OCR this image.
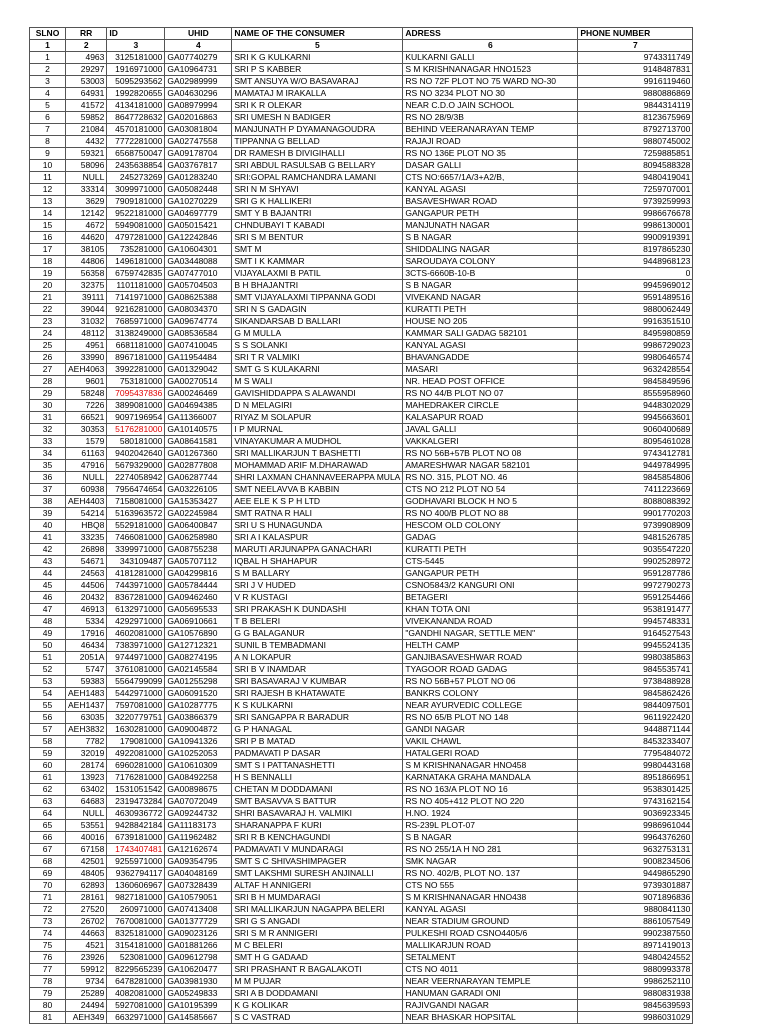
SLNO	RR	ID	UHID	NAME OF THE CONSUMER	ADRESS	PHONE NUMBER
1	2	3	4	5	6	7
1	4963	3125181000	GA07740279	SRI K G KULKARNI	KULKARNI GALLI	9743311749
2	29297	1916971000	GA10964731	SRI P S KABBER	S M KRISHNANAGAR HNO1523	9148487831
3	53003	5095293562	GA02989999	SMT ANSUYA W/O BASAVARAJ	RS NO 72F PLOT NO 75 WARD NO-30	9916119460
4	64931	1992820655	GA04630296	MAMATAJ M IRAKALLA	RS NO 3234 PLOT NO 30	9880886869
5	41572	4134181000	GA08979994	SRI K R OLEKAR	NEAR C.D.O JAIN SCHOOL	9844314119
6	59852	8647728632	GA02016863	SRI UMESH N BADIGER	RS NO 28/9/3B	8123675969
7	21084	4570181000	GA03081804	MANJUNATH P DYAMANAGOUDRA	BEHIND VEERANARAYAN TEMP	8792713700
8	4432	7772281000	GA02747558	TIPPANNA G BELLAD	RAJAJI ROAD	9880745002
9	59321	6568750047	GA09178704	DR RAMESH B DIVIGIHALLI	RS NO 136E PLOT NO 35	7259885851
10	58096	2435638854	GA03767817	SRI ABDUL RASULSAB G BELLARY	DASAR GALLI	8094588328
11	NULL	245273269	GA01283240	SRI:GOPAL RAMCHANDRA LAMANI	CTS NO:6657/1A/3+A2/B,	9480419041
12	33314	3099971000	GA05082448	SRI N M SHYAVI	KANYAL AGASI	7259707001
13	3629	7909181000	GA10270229	SRI G K HALLIKERI	BASAVESHWAR ROAD	9739259993
14	12142	9522181000	GA04697779	SMT Y B BAJANTRI	GANGAPUR PETH	9986676678
15	4672	5949081000	GA05015421	CHNDUBAYI T KABADI	MANJUNATH NAGAR	9986130001
16	44620	4797281000	GA12242846	SRI S M BENTUR	S B NAGAR	9900919391
17	38105	735281000	GA10604301	SMT M	SHIDDALING NAGAR	8197865230
18	44806	1496181000	GA03448088	SMT I K KAMMAR	SAROUDAYA COLONY	9448968123
19	56358	6759742835	GA07477010	VIJAYALAXMI B PATIL	3CTS-6660B-10-B	0
20	32375	1101181000	GA05704503	B H BHAJANTRI	S B NAGAR	9945969012
21	39111	7141971000	GA08625388	SMT VIJAYALAXMI TIPPANNA GODI	VIVEKAND NAGAR	9591489516
22	39044	9216281000	GA08034370	SRI N S GADAGIN	KURATTI PETH	9880062449
23	31032	7685971000	GA09674774	SIKANDARSAB D BALLARI	HOUSE NO 205	9916351510
24	48112	3138249000	GA08536584	G M MULLA	KAMMAR SALI GADAG 582101	8495980859
25	4951	6681181000	GA07410045	S S SOLANKI	KANYAL AGASI	9986729023
26	33990	8967181000	GA11954484	SRI T R VALMIKI	BHAVANGADDE	9980646574
27	AEH4063	3992281000	GA01329042	SMT G S KULAKARNI	MASARI	9632428554
28	9601	753181000	GA00270514	M S WALI	NR. HEAD POST OFFICE	9845849596
29	58248	7095437836	GA00246469	GAVISHIDDAPPA S ALAWANDI	RS NO 44/B PLOT NO 07	8555958960
30	7226	3899081000	GA04694385	D N MELAGIRI	MAHEDRAKER CIRCLE	9448302029
31	66521	9097196954	GA11366007	RIYAZ M SOLAPUR	KALASAPUR ROAD	9945663601
32	30353	5176281000	GA10140575	I P MURNAL	JAVAL GALLI	9060400689
33	1579	580181000	GA08641581	VINAYAKUMAR A MUDHOL	VAKKALGERI	8095461028
34	61163	9402042640	GA01267360	SRI MALLIKARJUN T BASHETTI	RS NO 56B+57B PLOT NO 08	9743412781
35	47916	5679329000	GA02877808	MOHAMMAD ARIF M.DHARAWAD	AMARESHWAR NAGAR 582101	9449784995
36	NULL	2274058942	GA06287744	SHRI LAXMAN CHANNAVEERAPPA MULA	RS NO. 315, PLOT NO. 46	9845854806
37	60938	7956474654	GA03226105	SMT NEELAVVA B KABBIN	CTS NO 212 PLOT NO 54	7411223669
38	AEH4403	7158081000	GA15353427	AEE ELE K S P H LTD	GODHAVARI BLOCK H NO 5	8088088392
39	54214	5163963572	GA02245984	SMT RATNA R HALI	RS NO 400/B PLOT NO 88	9901770203
40	HBQ8	5529181000	GA06400847	SRI U S HUNAGUNDA	HESCOM OLD COLONY	9739908909
41	33235	7466081000	GA06258980	SRI A I KALASPUR	GADAG	9481526785
42	26898	3399971000	GA08755238	MARUTI ARJUNAPPA GANACHARI	KURATTI PETH	9035547220
43	54671	343109487	GA05707112	IQBAL H SHAHAPUR	CTS-5445	9902528972
44	24563	4181281000	GA04299816	S M BALLARY	GANGAPUR PETH	9591287786
45	44506	7443971000	GA05784444	SRI J V HUDED	CSNO5843/2 KANGURI ONI	9972790273
46	20432	8367281000	GA09462460	V R KUSTAGI	BETAGERI	9591254466
47	46913	6132971000	GA05695533	SRI PRAKASH K DUNDASHI	KHAN TOTA ONI	9538191477
48	5334	4292971000	GA06910661	T B BELERI	VIVEKANANDA ROAD	9945748331
49	17916	4602081000	GA10576890	G G BALAGANUR	"GANDHI NAGAR, SETTLE MEN"	9164527543
50	46434	7383971000	GA12712321	SUNIL B TEMBADMANI	HELTH CAMP	9945524135
51	2051A	9744971000	GA08274195	A N LOKAPUR	GANJIBASAVESHWAR ROAD	9980385863
52	5747	3761081000	GA02145584	SRI B V INAMDAR	TYAGOOR ROAD GADAG	9845535741
53	59383	5564799099	GA01255298	SRI BASAVARAJ V KUMBAR	RS NO 56B+57 PLOT NO 06	9738488928
54	AEH1483	5442971000	GA06091520	SRI RAJESH B KHATAWATE	BANKRS COLONY	9845862426
55	AEH1437	7597081000	GA10287775	K S KULKARNI	NEAR AYURVEDIC COLLEGE	9844097501
56	63035	3220779751	GA03866379	SRI SANGAPPA R BARADUR	RS NO 65/B PLOT NO 148	9611922420
57	AEH3832	1630281000	GA09004872	G P HANAGAL	GANDI NAGAR	9448871144
58	7782	179081000	GA10941326	SRI P B MATAD	VAKIL CHAWL	8453233407
59	32019	4922081000	GA10252053	PADMAVATI P DASAR	HATALGERI ROAD	7795484072
60	28174	6960281000	GA10610309	SMT S I PATTANASHETTI	S M KRISHNANAGAR HNO458	9980443168
61	13923	7176281000	GA08492258	H S BENNALLI	KARNATAKA GRAHA MANDALA	8951866951
62	63402	1531051542	GA00898675	CHETAN M DODDAMANI	RS NO 163/A PLOT NO 16	9538301425
63	64683	2319473284	GA07072049	SMT BASAVVA S BATTUR	RS NO 405+412 PLOT NO 220	9743162154
64	NULL	4630936772	GA09244732	SHRI BASAVARAJ H. VALMIKI	H.NO. 1924	9036923345
65	53551	9428842184	GA11183173	SHARANAPPA F KURI	RS-239L PLOT-07	9986961044
66	40016	6739181000	GA11962482	SRI R B KENCHAGUNDI	S B NAGAR	9964376260
67	67158	1743407481	GA12162674	PADMAVATI V MUNDARAGI	RS NO 255/1A H NO 281	9632753131
68	42501	9255971000	GA09354795	SMT S C SHIVASHIMPAGER	SMK NAGAR	9008234506
69	48405	9362794117	GA04048169	SMT LAKSHMI SURESH ANJINALLI	RS NO. 402/B, PLOT NO. 137	9449865290
70	62893	1360606967	GA07328439	ALTAF H ANNIGERI	CTS NO 555	9739301887
71	28161	9827181000	GA10579051	SRI B H MUMDARAGI	S M KRISHNANAGAR HNO438	9071896836
72	27520	260971000	GA07413408	SRI MALLIKARJUN NAGAPPA BELERI	KANYAL AGASI	9880841130
73	26702	7670081000	GA01377729	SRI G S ANGADI	NEAR STADIUM GROUND	8861057549
74	44663	8325181000	GA09023126	SRI S M R ANNIGERI	PULKESHI ROAD CSNO4405/6	9902387550
75	4521	3154181000	GA01881266	M C BELERI	MALLIKARJUN ROAD	8971419013
76	23926	523081000	GA09612798	SMT H G GADAAD	SETALMENT	9480424552
77	59912	8229565239	GA10620477	SRI PRASHANT R BAGALAKOTI	CTS NO 4011	9880993378
78	9734	6478281000	GA03981930	M M PUJAR	NEAR VEERNARAYAN TEMPLE	9986252110
79	25289	4082081000	GA05249833	SRI A B DODDAMANI	HANUMAN GARADI ONI	9880831938
80	24494	5927081000	GA10195399	K G KOLIKAR	RAJIVGANDI NAGAR	9845639593
81	AEH349	6632971000	GA14585667	S C VASTRAD	NEAR BHASKAR HOPSITAL	9986031029
